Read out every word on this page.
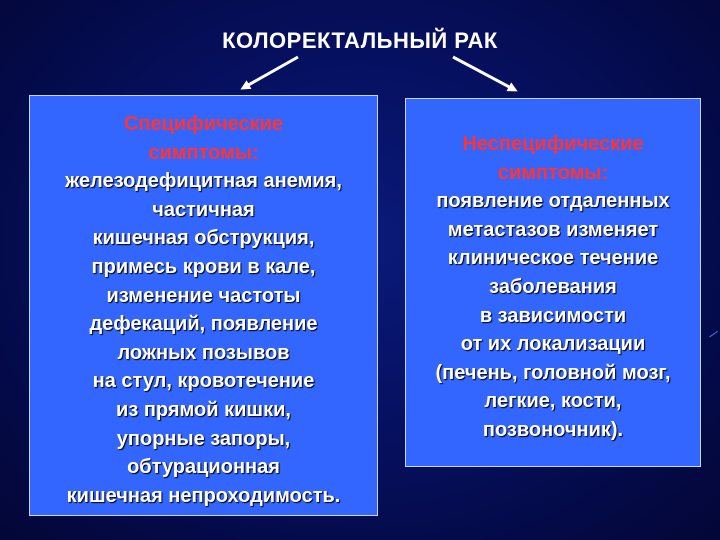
КОЛОРЕКТАЛЬНЫЙ РАК
Специфические
симптомы:
железодефицитная анемия,
частичная
кишечная обструкция,
примесь крови в кале,
изменение частоты
дефекаций, появление
ложных позывов
на стул, кровотечение
из прямой кишки,
упорные запоры,
обтурационная
кишечная непроходимость.
Неспецифические
симптомы:
появление отдаленных
метастазов изменяет
клиническое течение
заболевания
в зависимости
от их локализации
(печень, головной мозг,
легкие, кости,
позвоночник).
